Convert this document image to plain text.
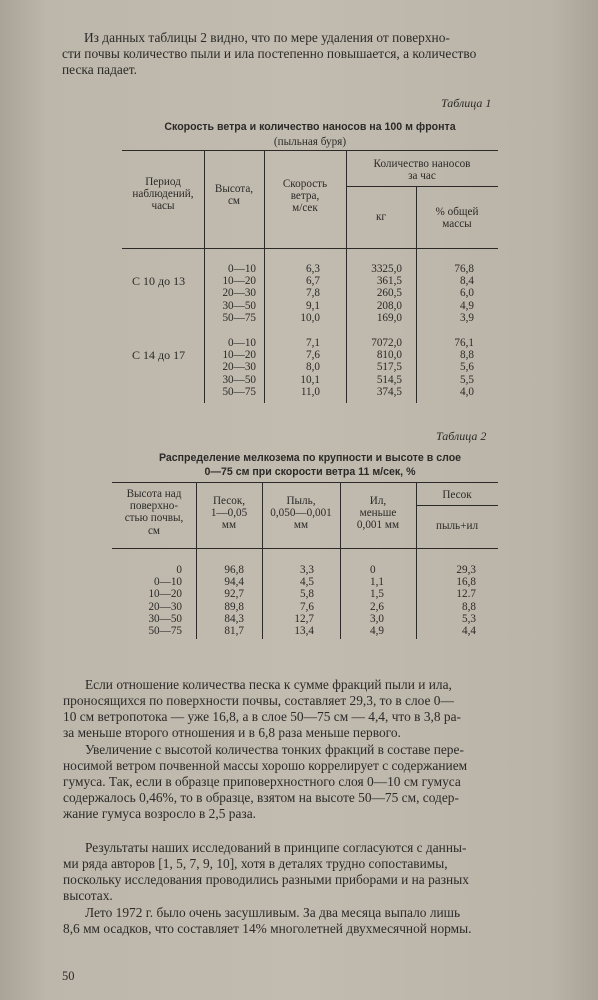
Из данных таблицы 2 видно, что по мере удаления от поверхно-
сти почвы количество пыли и ила постепенно повышается, а количество
песка падает.
Таблица 1
Скорость ветра и количество наносов на 100 м фронта
(пыльная буря)
Период
наблюдений,
часы
Высота,
см
Скорость
ветра,
м/сек
Количество наносов
за час
кг	% общей
массы
С 10 до 13
0—10
10—20
20—30
30—50
50—75
6,3
6,7
7,8
9,1
10,0
3325,0
361,5
260,5
208,0
169,0
76,8
8,4
6,0
4,9
3,9
С 14 до 17
0—10
10—20
20—30
30—50
50—75
7,1
7,6
8,0
10,1
11,0
7072,0
810,0
517,5
514,5
374,5
76,1
8,8
5,6
5,5
4,0
Таблица 2
Распределение мелкозема по крупности и высоте в слое
0—75 см при скорости ветра 11 м/сек, %
Высота над
поверхно-
стью почвы,
см
Песок,
1—0,05
мм
Пыль,
0,050—0,001
мм
Ил,
меньше
0,001 мм
Песок
пыль+ил
0
0—10
10—20
20—30
30—50
50—75
96,8
94,4
92,7
89,8
84,3
81,7
3,3
4,5
5,8
7,6
12,7
13,4
0
1,1
1,5
2,6
3,0
4,9
29,3
16,8
12.7
8,8
5,3
4,4
Если отношение количества песка к сумме фракций пыли и ила,
проносящихся по поверхности почвы, составляет 29,3, то в слое 0—
10 см ветропотока — уже 16,8, а в слое 50—75 см — 4,4, что в 3,8 ра-
за меньше второго отношения и в 6,8 раза меньше первого.
Увеличение с высотой количества тонких фракций в составе пере-
носимой ветром почвенной массы хорошо коррелирует с содержанием
гумуса. Так, если в образце приповерхностного слоя 0—10 см гумуса
содержалось 0,46%, то в образце, взятом на высоте 50—75 см, содер-
жание гумуса возросло в 2,5 раза.
Результаты наших исследований в принципе согласуются с данны-
ми ряда авторов [1, 5, 7, 9, 10], хотя в деталях трудно сопоставимы,
поскольку исследования проводились разными приборами и на разных
высотах.
Лето 1972 г. было очень засушливым. За два месяца выпало лишь
8,6 мм осадков, что составляет 14% многолетней двухмесячной нормы.
50
